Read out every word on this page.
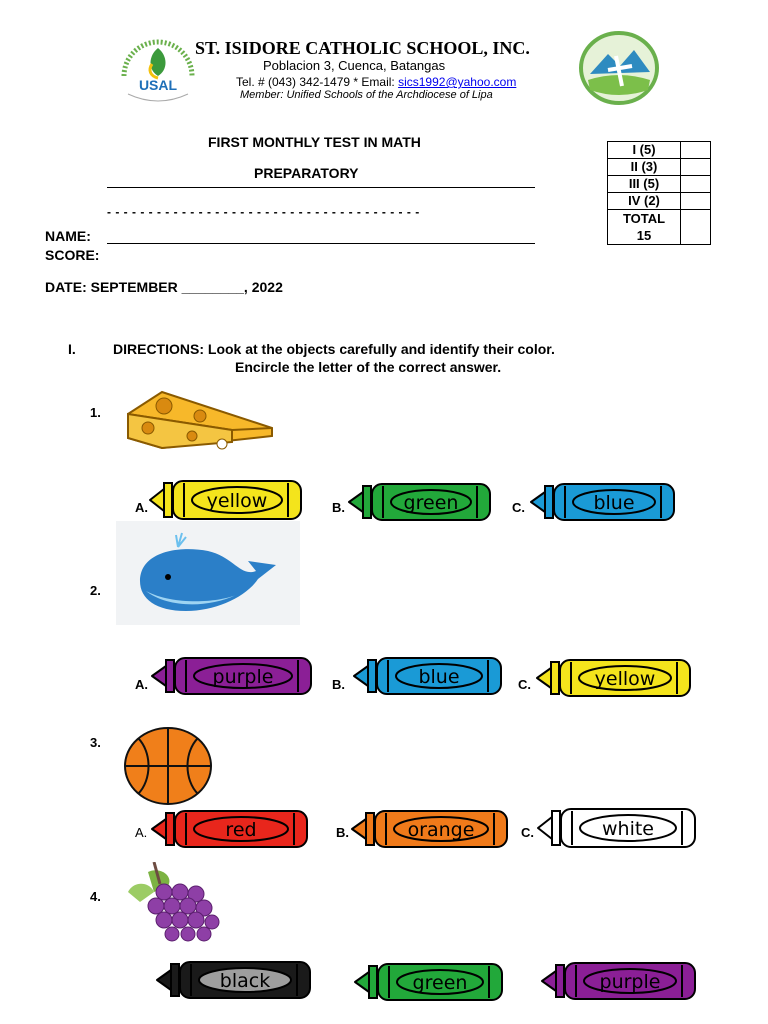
USAL
ST. ISIDORE CATHOLIC SCHOOL, INC.
Poblacion 3, Cuenca, Batangas
Tel. # (043) 342-1479 * Email: sics1992@yahoo.com
Member: Unified Schools of the Archdiocese of Lipa
FIRST MONTHLY TEST IN MATH
PREPARATORY
- - - - - - - - - - - - - - - - - - - - - - - - - - - - - - - - - - - - - -
NAME:
SCORE:
DATE: SEPTEMBER ________, 2022
I (5)	
II (3)	
III (5)	
IV (2)	
TOTAL
15	
I.	DIRECTIONS: Look at the objects carefully and identify their color.
Encircle the letter of the correct answer.
1.
2.
3.
4.
A.	B.	C.
A.	B.	C.
A.	B.	C.
yellow	green	blue
purple	blue	yellow
red	orange	white
black	green	purple
